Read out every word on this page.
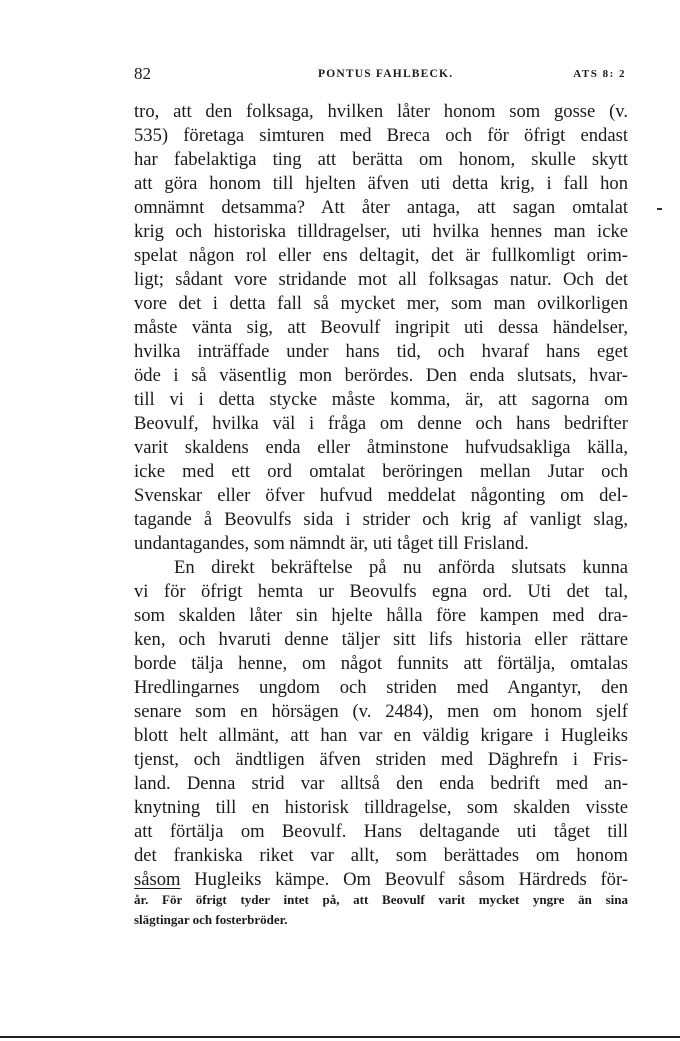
82	PONTUS FAHLBECK.	ATS 8: 2
tro, att den folksaga, hvilken låter honom som gosse (v.
535) företaga simturen med Breca och för öfrigt endast
har fabelaktiga ting att berätta om honom, skulle skytt
att göra honom till hjelten äfven uti detta krig, i fall hon
omnämnt detsamma? Att åter antaga, att sagan omtalat
krig och historiska tilldragelser, uti hvilka hennes man icke
spelat någon rol eller ens deltagit, det är fullkomligt orim-
ligt; sådant vore stridande mot all folksagas natur. Och det
vore det i detta fall så mycket mer, som man ovilkorligen
måste vänta sig, att Beovulf ingripit uti dessa händelser,
hvilka inträffade under hans tid, och hvaraf hans eget
öde i så väsentlig mon berördes. Den enda slutsats, hvar-
till vi i detta stycke måste komma, är, att sagorna om
Beovulf, hvilka väl i fråga om denne och hans bedrifter
varit skaldens enda eller åtminstone hufvudsakliga källa,
icke med ett ord omtalat beröringen mellan Jutar och
Svenskar eller öfver hufvud meddelat någonting om del-
tagande å Beovulfs sida i strider och krig af vanligt slag,
undantagandes, som nämndt är, uti tåget till Frisland.
En direkt bekräftelse på nu anförda slutsats kunna
vi för öfrigt hemta ur Beovulfs egna ord. Uti det tal,
som skalden låter sin hjelte hålla före kampen med dra-
ken, och hvaruti denne täljer sitt lifs historia eller rättare
borde tälja henne, om något funnits att förtälja, omtalas
Hredlingarnes ungdom och striden med Angantyr, den
senare som en hörsägen (v. 2484), men om honom sjelf
blott helt allmänt, att han var en väldig krigare i Hugleiks
tjenst, och ändtligen äfven striden med Däghrefn i Fris-
land. Denna strid var alltså den enda bedrift med an-
knytning till en historisk tilldragelse, som skalden visste
att förtälja om Beovulf. Hans deltagande uti tåget till
det frankiska riket var allt, som berättades om honom
såsom Hugleiks kämpe. Om Beovulf såsom Härdreds för-
år. För öfrigt tyder intet på, att Beovulf varit mycket yngre än sina
slägtingar och fosterbröder.
